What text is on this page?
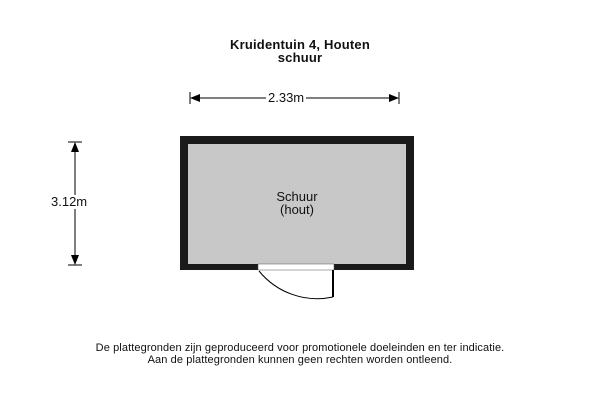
Kruidentuin 4, Houten
schuur
2.33m
3.12m	Schuur
(hout)
De plattegronden zijn geproduceerd voor promotionele doeleinden en ter indicatie.
Aan de plattegronden kunnen geen rechten worden ontleend.
